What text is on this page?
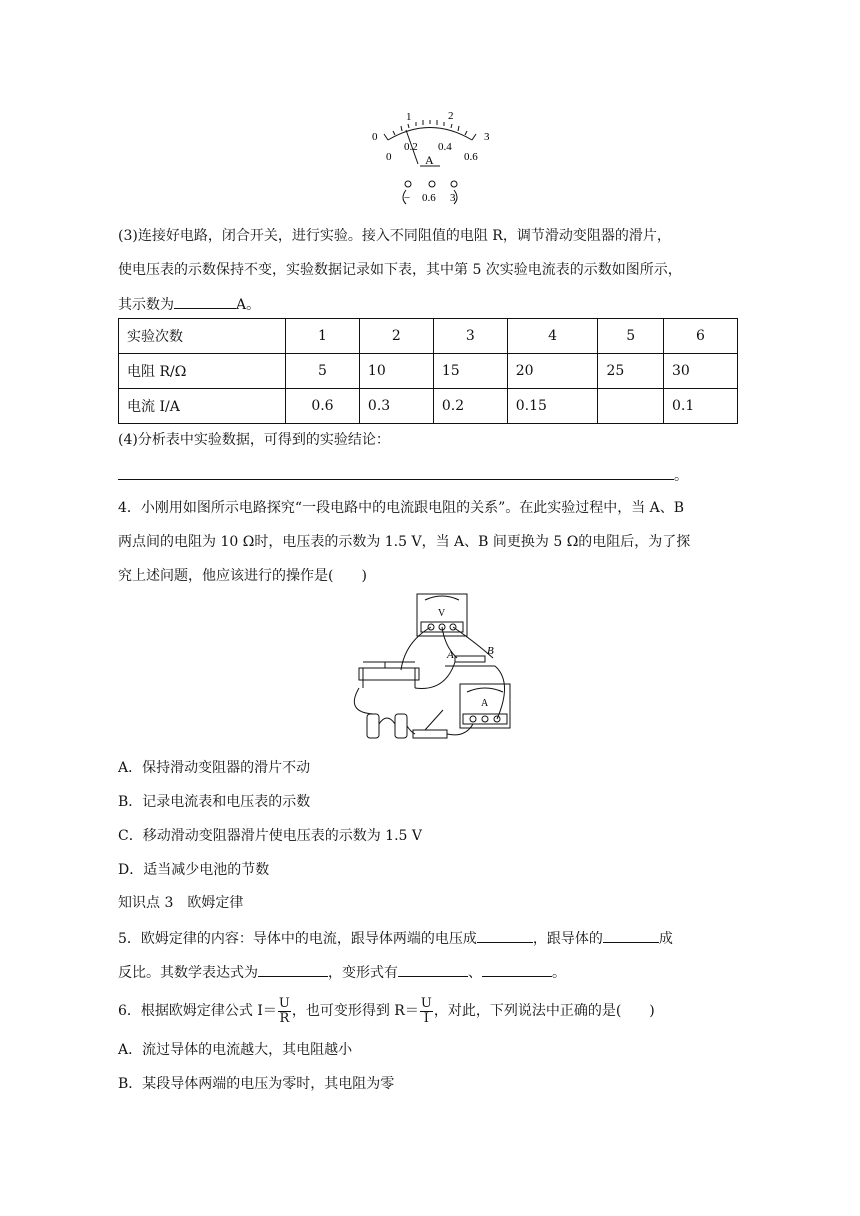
0
1	2
3
0
0.2 0.4
0.6
A
− 0.6 3
(3)连接好电路，闭合开关，进行实验。接入不同阻值的电阻 R，调节滑动变阻器的滑片，
使电压表的示数保持不变，实验数据记录如下表，其中第 5 次实验电流表的示数如图所示，
其示数为	A。
实验次数	1	2	3	4	5	6
电阻 R/Ω	5	10	15	20	25	30
电流 I/A	0.6	0.3	0.2	0.15		0.1
(4)分析表中实验数据，可得到的实验结论：
。
4．小刚用如图所示电路探究“一段电路中的电流跟电阻的关系”。在此实验过程中，当 A、B
两点间的电阻为 10 Ω时，电压表的示数为 1.5 V，当 A、B 间更换为 5 Ω的电阻后，为了探
究上述问题，他应该进行的操作是(　　)
V
A	B
A
A．保持滑动变阻器的滑片不动
B．记录电流表和电压表的示数
C．移动滑动变阻器滑片使电压表的示数为 1.5 V
D．适当减少电池的节数
知识点 3　欧姆定律
5．欧姆定律的内容：导体中的电流，跟导体两端的电压成	，跟导体的	成
反比。其数学表达式为	，变形式有	、	。
6．根据欧姆定律公式 $I= \frac{U}{R}$ ，也可变形得到 $R= \frac{U}{I}$ ，对此，下列说法中正确的是(　　)
A．流过导体的电流越大，其电阻越小
B．某段导体两端的电压为零时，其电阻为零
